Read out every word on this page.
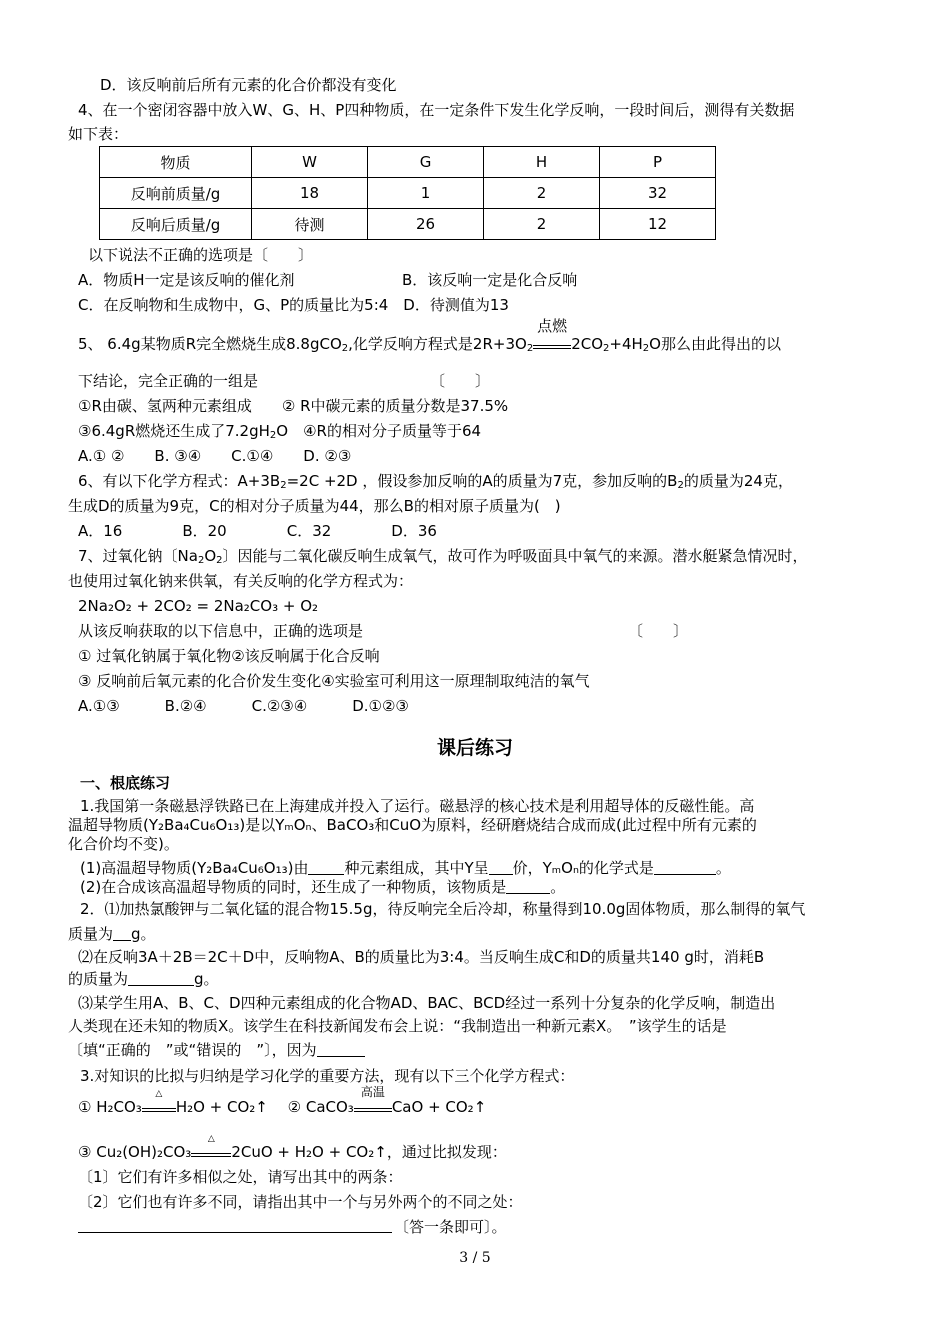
D．该反响前后所有元素的化合价都没有变化
4、在一个密闭容器中放入W、G、H、P四种物质，在一定条件下发生化学反响，一段时间后，测得有关数据
如下表：
物质	W	G	H	P
反响前质量/g	18	1	2	32
反响后质量/g	待测	26	2	12
以下说法不正确的选项是〔　　〕
A．物质H一定是该反响的催化剂	B．该反响一定是化合反响
C．在反响物和生成物中，G、P的质量比为5:4　D．待测值为13
5、 6.4g某物质R完全燃烧生成8.8gCO$_2$,化学反响方程式是$2R+3O_2$
点燃
$2CO_2+4H_2O$那么由此得出的以
下结论，完全正确的一组是	〔　　〕
①R由碳、氢两种元素组成　　② R中碳元素的质量分数是37.5%
③6.4gR燃烧还生成了$7.2gH_2O$　④R的相对分子质量等于64
A.① ②　　B. ③④　　C.①④　　D. ②③
6、有以下化学方程式：$A+3B_2=2C +2D$ ，假设参加反响的A的质量为7克，参加反响的$B_2$的质量为24克，
生成D的质量为9克，C的相对分子质量为44，那么B的相对原子质量为(　)
A．16　　　　B．20　　　　C．32　　　　D．36
7、过氧化钠〔$Na_2O_2$〕因能与二氧化碳反响生成氧气，故可作为呼吸面具中氧气的来源。潜水艇紧急情况时，
也使用过氧化钠来供氧，有关反响的化学方程式为：
2Na₂O₂ + 2CO₂ = 2Na₂CO₃ + O₂
从该反响获取的以下信息中，正确的选项是	〔　　〕
① 过氧化钠属于氧化物②该反响属于化合反响
③ 反响前后氧元素的化合价发生变化④实验室可利用这一原理制取纯洁的氧气
A.①③　　　B.②④　　　C.②③④　　　D.①②③
课后练习
一、根底练习
1.我国第一条磁悬浮铁路已在上海建成并投入了运行。磁悬浮的核心技术是利用超导体的反磁性能。高
温超导物质(Y₂Ba₄Cu₆O₁₃)是以YₘOₙ、BaCO₃和CuO为原料，经研磨烧结合成而成(此过程中所有元素的
化合价均不变)。
(1)高温超导物质(Y₂Ba₄Cu₆O₁₃)由 种元素组成，其中Y呈 价，YₘOₙ的化学式是	。
(2)在合成该高温超导物质的同时，还生成了一种物质，该物质是	。
2．⑴加热氯酸钾与二氧化锰的混合物15.5g，待反响完全后冷却，称量得到10.0g固体物质，那么制得的氧气
质量为 g。
⑵在反响3A＋2B＝2C＋D中，反响物A、B的质量比为3:4。当反响生成C和D的质量共140 g时，消耗B
的质量为	g。
⑶某学生用A、B、C、D四种元素组成的化合物AD、BAC、BCD经过一系列十分复杂的化学反响，制造出
人类现在还未知的物质X。该学生在科技新闻发布会上说：“我制造出一种新元素X。　”该学生的话是
〔填“正确的　”或“错误的　”〕，因为
3.对知识的比拟与归纳是学习化学的重要方法，现有以下三个化学方程式：
① H₂CO₃
△
H₂O + CO₂↑　 ② CaCO₃
高温
CaO + CO₂↑
③ Cu₂(OH)₂CO₃
△
2CuO + H₂O + CO₂↑，通过比拟发现：
〔1〕它们有许多相似之处，请写出其中的两条：
〔2〕它们也有许多不同，请指出其中一个与另外两个的不同之处：
〔答一条即可〕。
3 / 5
